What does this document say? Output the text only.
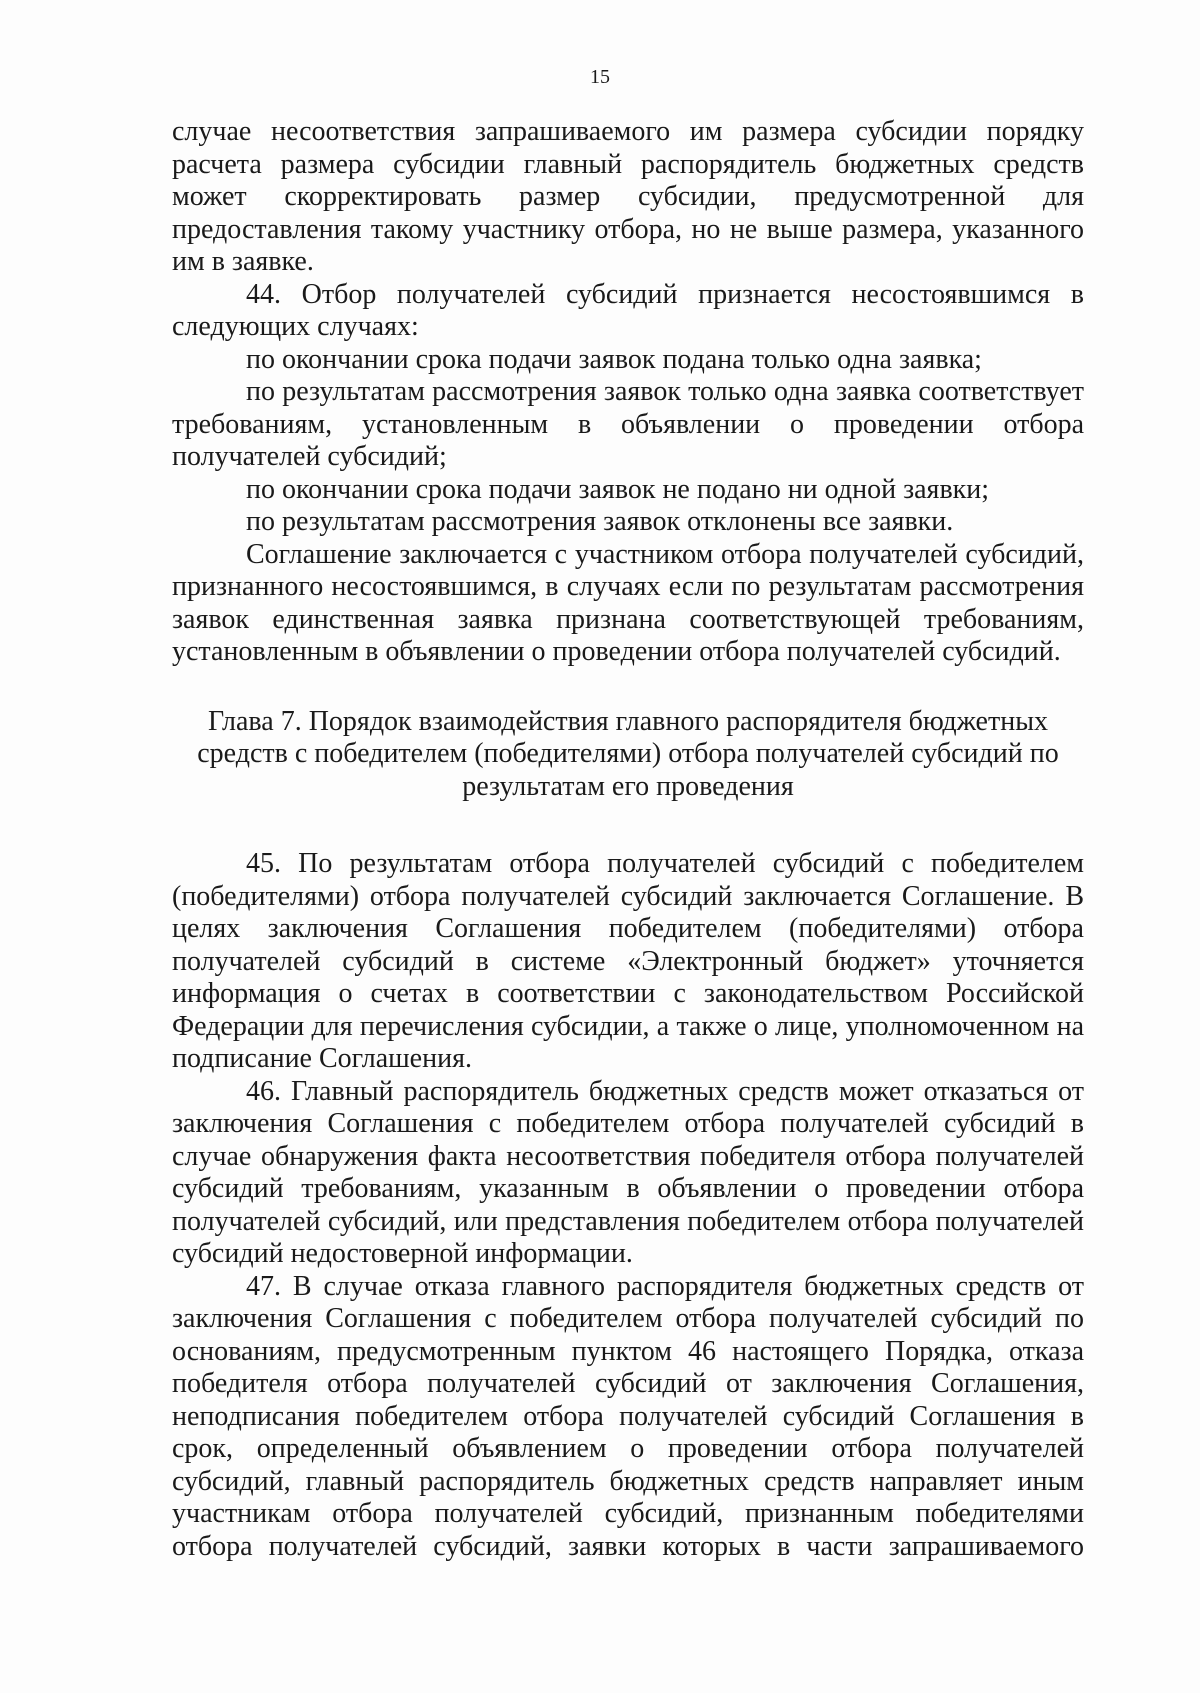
15

случае несоответствия запрашиваемого им размера субсидии порядку расчета размера субсидии главный распорядитель бюджетных средств может скорректировать размер субсидии, предусмотренной для предоставления такому участнику отбора, но не выше размера, указанного им в заявке.

44. Отбор получателей субсидий признается несостоявшимся в следующих случаях:

по окончании срока подачи заявок подана только одна заявка;

по результатам рассмотрения заявок только одна заявка соответствует требованиям, установленным в объявлении о проведении отбора получателей субсидий;

по окончании срока подачи заявок не подано ни одной заявки;

по результатам рассмотрения заявок отклонены все заявки.

Соглашение заключается с участником отбора получателей субсидий, признанного несостоявшимся, в случаях если по результатам рассмотрения заявок единственная заявка признана соответствующей требованиям, установленным в объявлении о проведении отбора получателей субсидий.

Глава 7. Порядок взаимодействия главного распорядителя бюджетных
средств с победителем (победителями) отбора получателей субсидий по
результатам его проведения

45. По результатам отбора получателей субсидий с победителем (победителями) отбора получателей субсидий заключается Соглашение. В целях заключения Соглашения победителем (победителями) отбора получателей субсидий в системе «Электронный бюджет» уточняется информация о счетах в соответствии с законодательством Российской Федерации для перечисления субсидии, а также о лице, уполномоченном на подписание Соглашения.

46. Главный распорядитель бюджетных средств может отказаться от заключения Соглашения с победителем отбора получателей субсидий в случае обнаружения факта несоответствия победителя отбора получателей субсидий требованиям, указанным в объявлении о проведении отбора получателей субсидий, или представления победителем отбора получателей субсидий недостоверной информации.

47. В случае отказа главного распорядителя бюджетных средств от заключения Соглашения с победителем отбора получателей субсидий по основаниям, предусмотренным пунктом 46 настоящего Порядка, отказа победителя отбора получателей субсидий от заключения Соглашения, неподписания победителем отбора получателей субсидий Соглашения в срок, определенный объявлением о проведении отбора получателей субсидий, главный распорядитель бюджетных средств направляет иным участникам отбора получателей субсидий, признанным победителями отбора получателей субсидий, заявки которых в части запрашиваемого
